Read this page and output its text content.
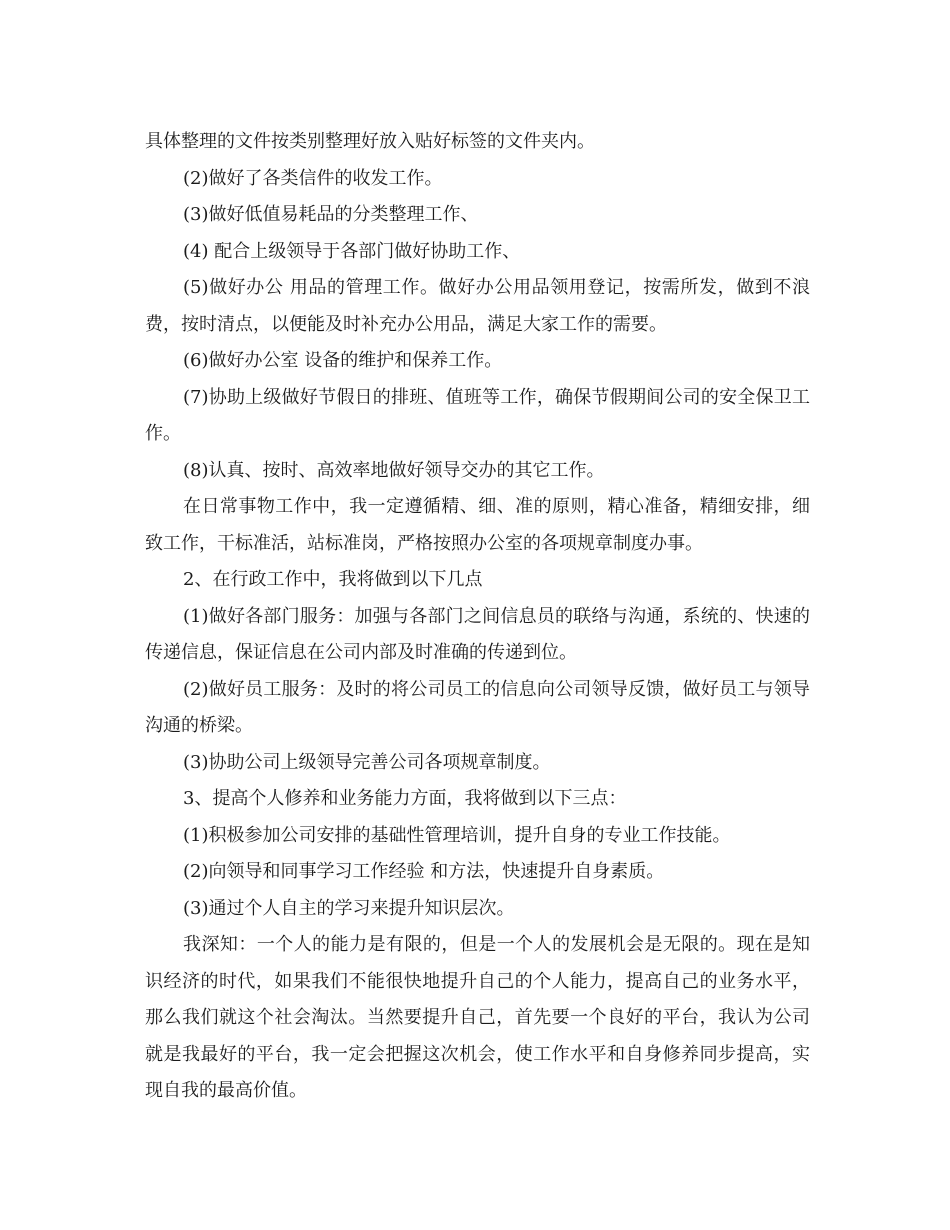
具体整理的文件按类别整理好放入贴好标签的文件夹内。

(2)做好了各类信件的收发工作。

(3)做好低值易耗品的分类整理工作、

(4) 配合上级领导于各部门做好协助工作、

(5)做好办公 用品的管理工作。做好办公用品领用登记，按需所发，做到不浪费，按时清点，以便能及时补充办公用品，满足大家工作的需要。

(6)做好办公室 设备的维护和保养工作。

(7)协助上级做好节假日的排班、值班等工作，确保节假期间公司的安全保卫工作。

(8)认真、按时、高效率地做好领导交办的其它工作。

在日常事物工作中，我一定遵循精、细、准的原则，精心准备，精细安排，细致工作，干标准活，站标准岗，严格按照办公室的各项规章制度办事。

2、在行政工作中，我将做到以下几点

(1)做好各部门服务：加强与各部门之间信息员的联络与沟通，系统的、快速的传递信息，保证信息在公司内部及时准确的传递到位。

(2)做好员工服务：及时的将公司员工的信息向公司领导反馈，做好员工与领导沟通的桥梁。

(3)协助公司上级领导完善公司各项规章制度。

3、提高个人修养和业务能力方面，我将做到以下三点：

(1)积极参加公司安排的基础性管理培训，提升自身的专业工作技能。

(2)向领导和同事学习工作经验 和方法，快速提升自身素质。

(3)通过个人自主的学习来提升知识层次。

我深知：一个人的能力是有限的，但是一个人的发展机会是无限的。现在是知识经济的时代，如果我们不能很快地提升自己的个人能力，提高自己的业务水平，那么我们就这个社会淘汰。当然要提升自己，首先要一个良好的平台，我认为公司就是我最好的平台，我一定会把握这次机会，使工作水平和自身修养同步提高，实现自我的最高价值。
